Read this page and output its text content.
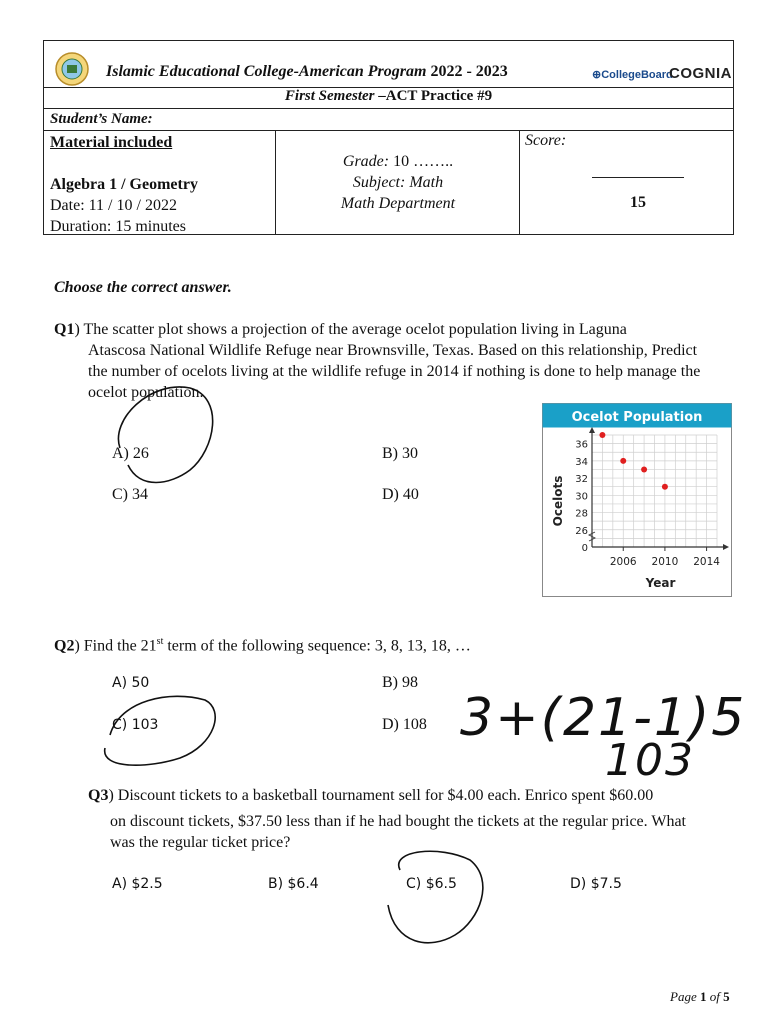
Islamic Educational College-American Program 2022 - 2023	⊕CollegeBoard
COGNIA
First Semester –ACT Practice #9
Student’s Name:
Material included

Algebra 1 / Geometry
Date: 11 / 10 / 2022
Duration: 15 minutes
Grade: 10 ……..
Subject: Math
Math Department
Score:
15
Choose the correct answer.
Q1) The scatter plot shows a projection of the average ocelot population living in Laguna
Atascosa National Wildlife Refuge near Brownsville, Texas. Based on this relationship, Predict the number of ocelots living at the wildlife refuge in 2014 if nothing is done to help manage the ocelot population.
A) 26	B) 30
C) 34	D) 40
Ocelot Population
0
26
28
30
32
34
36
2006 2010 2014
Year
Ocelots
Q2) Find the 21st term of the following sequence: 3, 8, 13, 18, …
A) 50	B) 98
C) 103	D) 108
Q3) Discount tickets to a basketball tournament sell for $4.00 each. Enrico spent $60.00
on discount tickets, $37.50 less than if he had bought the tickets at the regular price. What was the regular ticket price?
A) $2.5	B) $6.4	C) $6.5	D) $7.5
3+(21-1)5
103
Page 1 of 5
